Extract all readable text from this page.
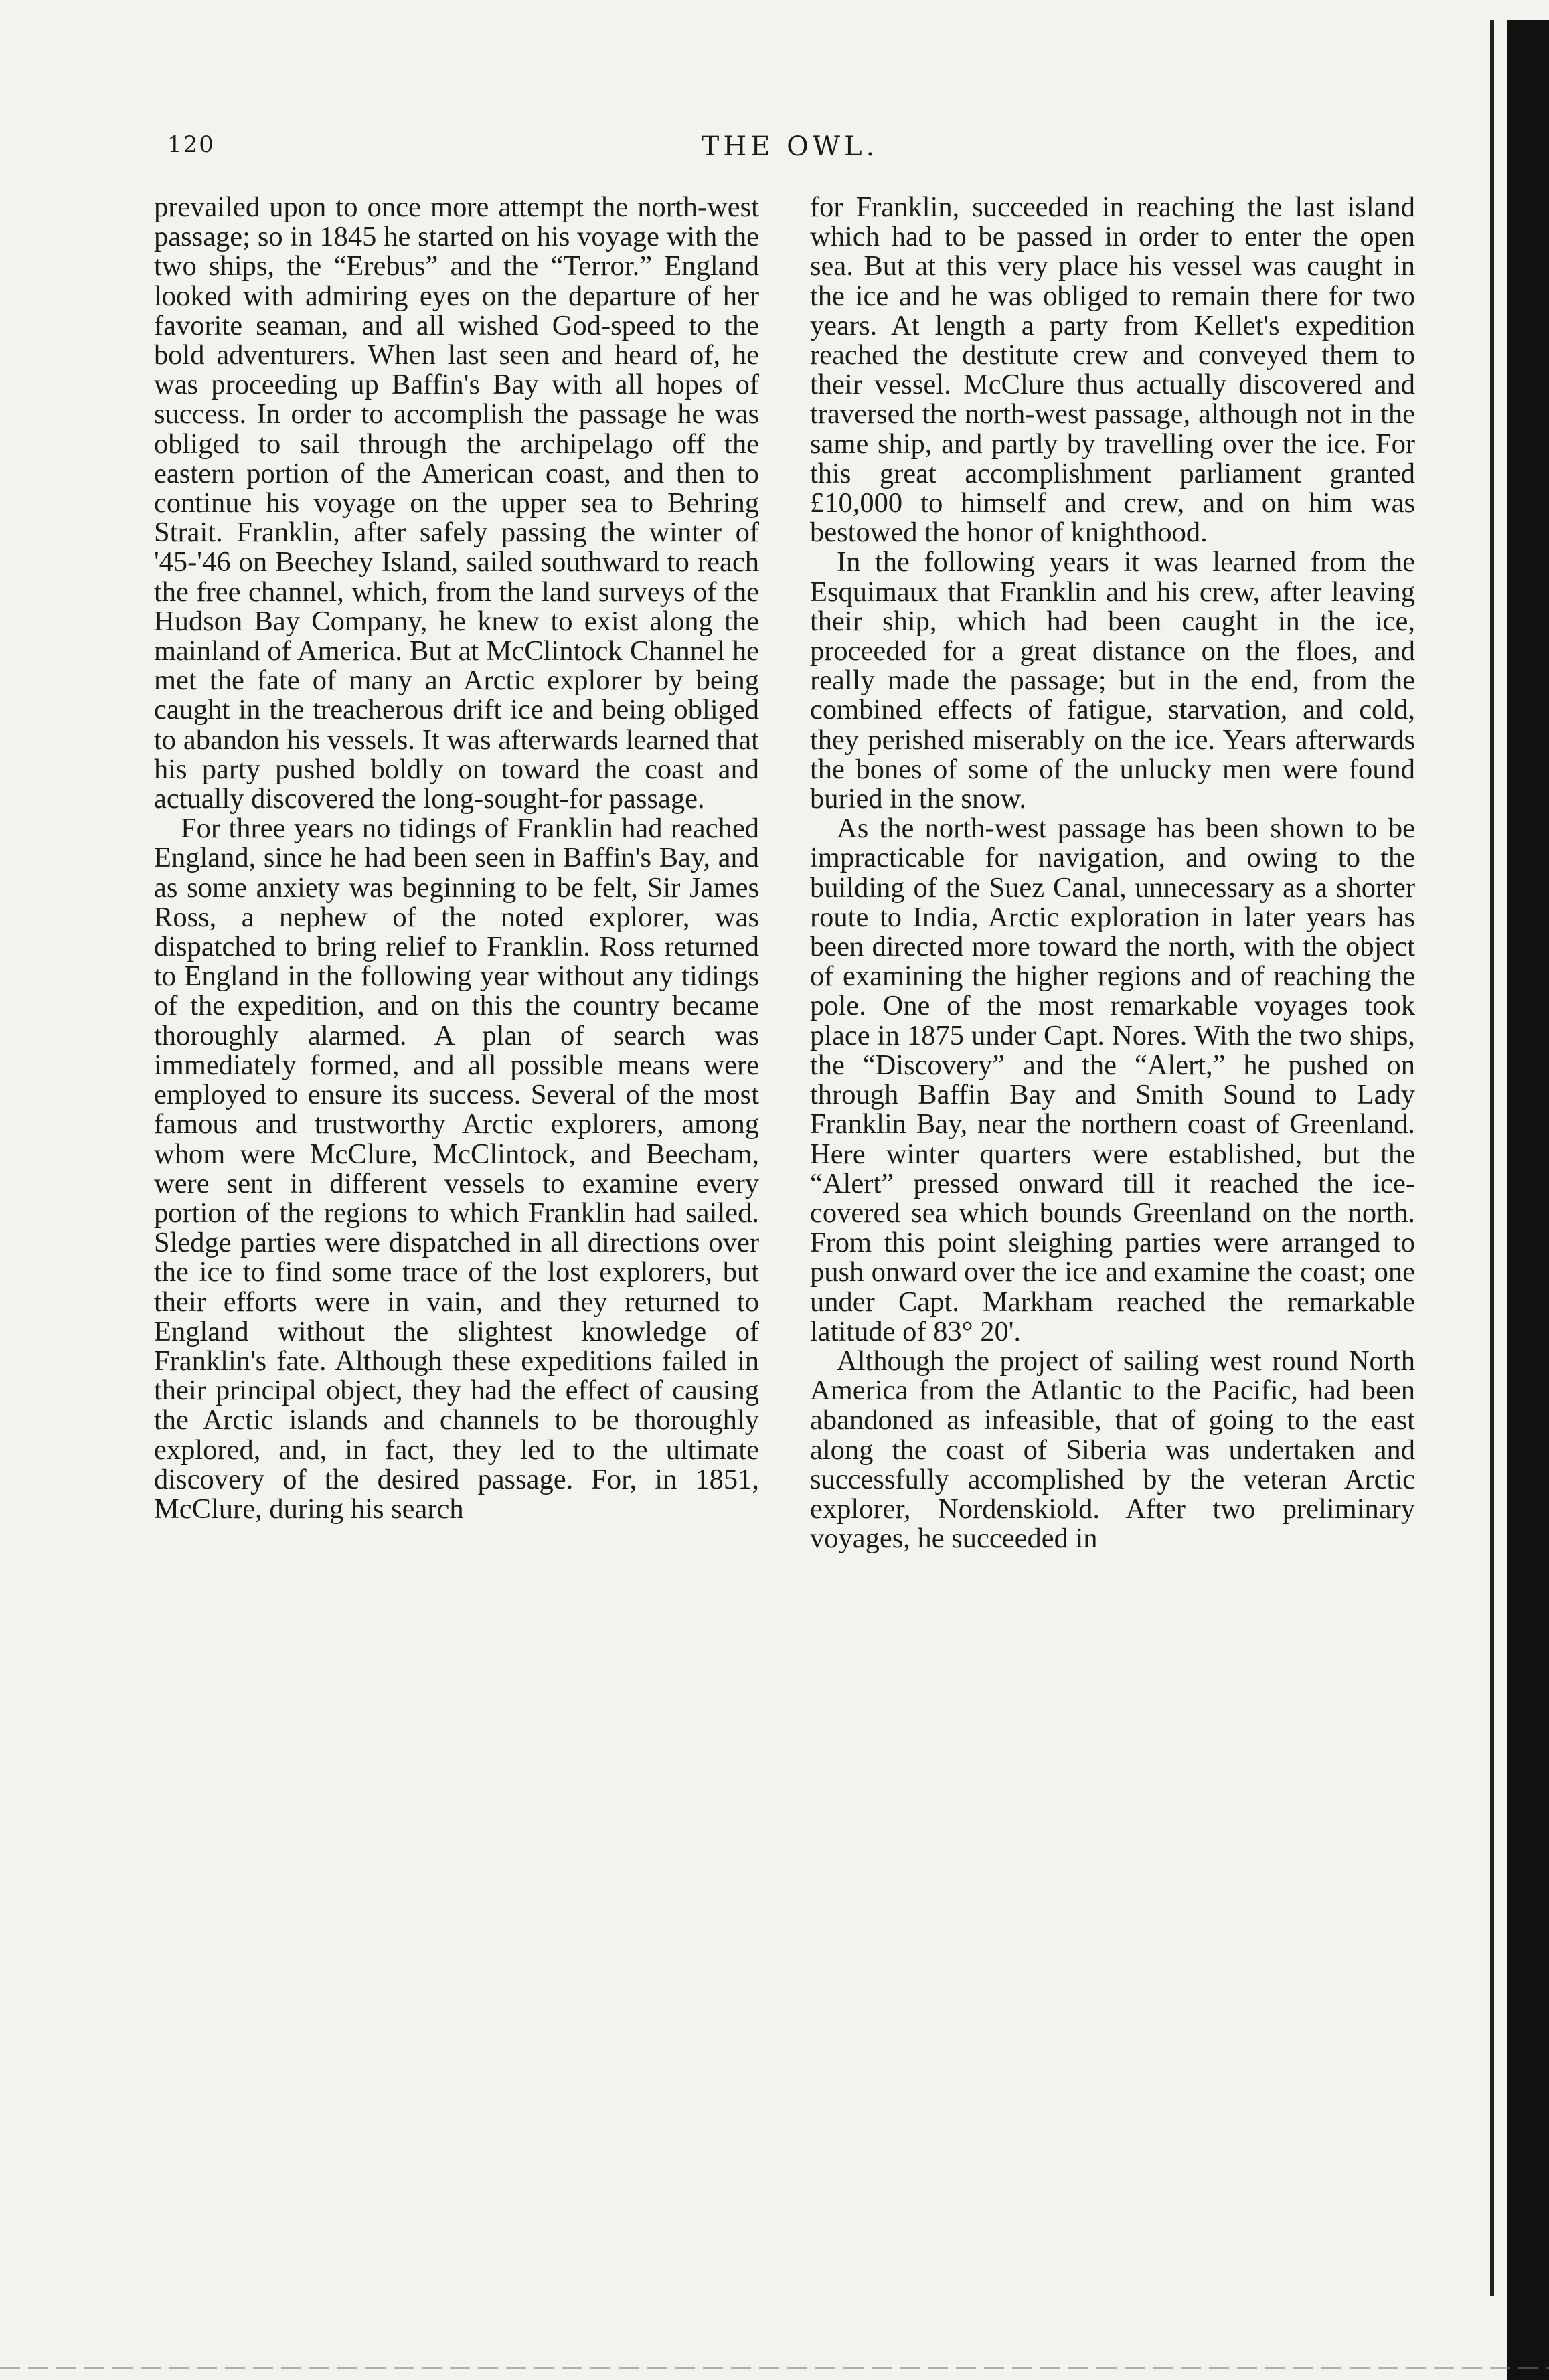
120	THE OWL.

prevailed upon to once more attempt the north-west passage; so in 1845 he started on his voyage with the two ships, the “Erebus” and the “Terror.” England looked with admiring eyes on the departure of her favorite seaman, and all wished God-speed to the bold adventurers. When last seen and heard of, he was proceeding up Baffin's Bay with all hopes of success. In order to accomplish the passage he was obliged to sail through the archipelago off the eastern portion of the American coast, and then to continue his voyage on the upper sea to Behring Strait. Franklin, after safely passing the winter of '45-'46 on Beechey Island, sailed southward to reach the free channel, which, from the land surveys of the Hudson Bay Company, he knew to exist along the mainland of America. But at McClintock Channel he met the fate of many an Arctic explorer by being caught in the treacherous drift ice and being obliged to abandon his vessels. It was afterwards learned that his party pushed boldly on toward the coast and actually discovered the long-sought-for passage.

For three years no tidings of Franklin had reached England, since he had been seen in Baffin's Bay, and as some anxiety was beginning to be felt, Sir James Ross, a nephew of the noted explorer, was dispatched to bring relief to Franklin. Ross returned to England in the following year without any tidings of the expedition, and on this the country became thoroughly alarmed. A plan of search was immediately formed, and all possible means were employed to ensure its success. Several of the most famous and trustworthy Arctic explorers, among whom were McClure, McClintock, and Beecham, were sent in different vessels to examine every portion of the regions to which Franklin had sailed. Sledge parties were dispatched in all directions over the ice to find some trace of the lost explorers, but their efforts were in vain, and they returned to England without the slightest knowledge of Franklin's fate. Although these expeditions failed in their principal object, they had the effect of causing the Arctic islands and channels to be thoroughly explored, and, in fact, they led to the ultimate discovery of the desired passage. For, in 1851, McClure, during his search

for Franklin, succeeded in reaching the last island which had to be passed in order to enter the open sea. But at this very place his vessel was caught in the ice and he was obliged to remain there for two years. At length a party from Kellet's expedition reached the destitute crew and conveyed them to their vessel. McClure thus actually discovered and traversed the north-west passage, although not in the same ship, and partly by travelling over the ice. For this great accomplishment parliament granted £10,000 to himself and crew, and on him was bestowed the honor of knighthood.

In the following years it was learned from the Esquimaux that Franklin and his crew, after leaving their ship, which had been caught in the ice, proceeded for a great distance on the floes, and really made the passage; but in the end, from the combined effects of fatigue, starvation, and cold, they perished miserably on the ice. Years afterwards the bones of some of the unlucky men were found buried in the snow.

As the north-west passage has been shown to be impracticable for navigation, and owing to the building of the Suez Canal, unnecessary as a shorter route to India, Arctic exploration in later years has been directed more toward the north, with the object of examining the higher regions and of reaching the pole. One of the most remarkable voyages took place in 1875 under Capt. Nores. With the two ships, the “Discovery” and the “Alert,” he pushed on through Baffin Bay and Smith Sound to Lady Franklin Bay, near the northern coast of Greenland. Here winter quarters were established, but the “Alert” pressed onward till it reached the ice-covered sea which bounds Greenland on the north. From this point sleighing parties were arranged to push onward over the ice and examine the coast; one under Capt. Markham reached the remarkable latitude of 83° 20'.

Although the project of sailing west round North America from the Atlantic to the Pacific, had been abandoned as infeasible, that of going to the east along the coast of Siberia was undertaken and successfully accomplished by the veteran Arctic explorer, Nordenskiold. After two preliminary voyages, he succeeded in
